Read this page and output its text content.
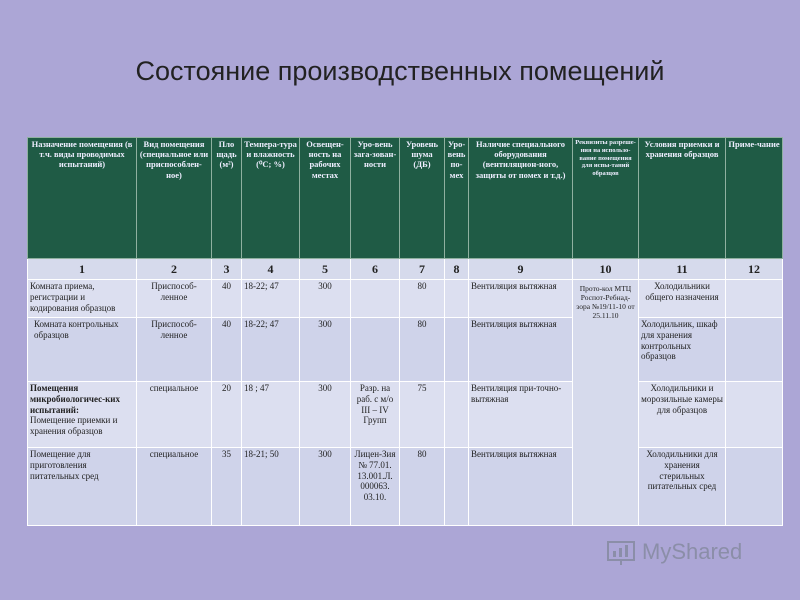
Состояние производственных помещений
Назначение помещения (в т.ч. виды проводимых испытаний)	Вид помещения (специальное или приспособлен-ное)	Пло щадь (м²)	Темпера-тура и влажность (⁰С; %)	Освещен-ность на рабочих местах	Уро-вень зага-зован-ности	Уровень шума (ДБ)	Уро-вень по-мех	Наличие специального оборудования (вентиляцион-ного, защиты от помех и т.д.)	Реквизиты разреше-ния на использо-вание помещения для испы-таний образцов	Условия приемки и хранения образцов	Приме-чание
1	2	3	4	5	6	7	8	9	10	11	12
Комната приема, регистрации и кодирования образцов	Приспособ-ленное	40	18-22; 47	300		80		Вентиляция вытяжная	Прото-кол МТЦ Роспот-Ребнад-зора №19/11-10 от 25.11.10	Холодильники общего назначения	
Комната контрольных образцов	Приспособ-ленное	40	18-22; 47	300		80		Вентиляция вытяжная		Холодильник, шкаф для хранения контрольных образцов	
Помещения микробиологичес-ких испытаний:
Помещение приемки и хранения образцов	специальное	20	18 ; 47	300	Разр. на раб. с м/о III – IV Групп	75		Вентиляция при-точно-вытяжная		Холодильники и морозильные камеры для образцов	
Помещение для приготовления питательных сред	специальное	35	18-21; 50	300	Лицен-Зия № 77.01. 13.001.Л. 000063. 03.10.	80		Вентиляция вытяжная		Холодильники для хранения стерильных питательных сред	
MyShared
